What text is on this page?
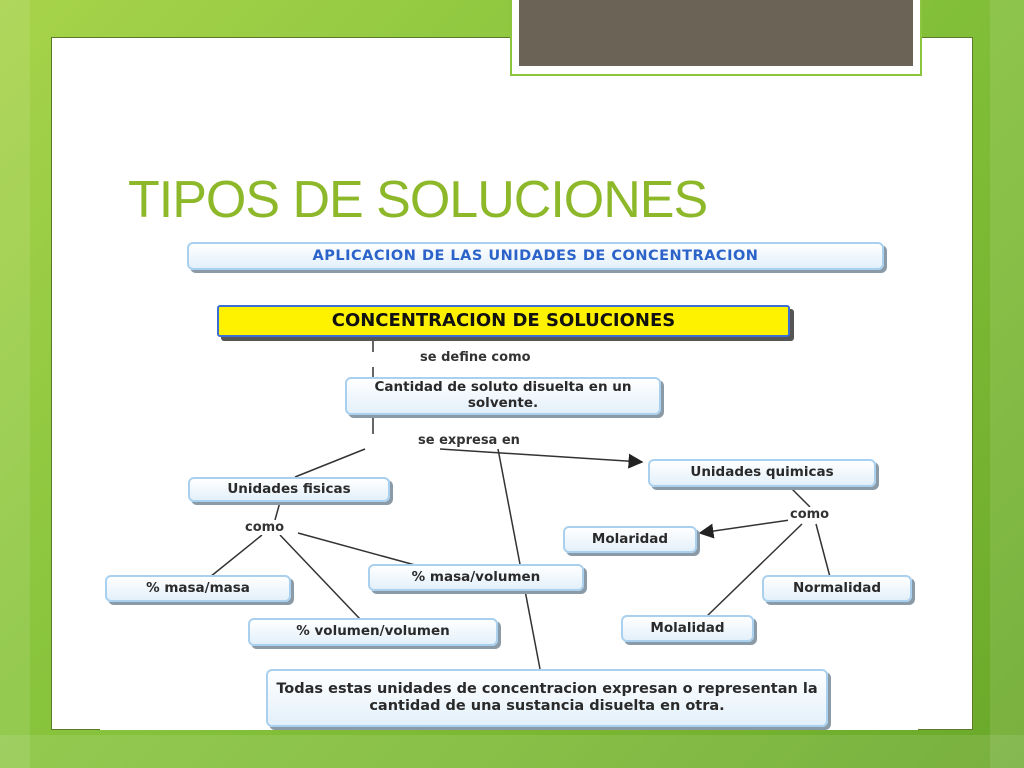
TIPOS DE SOLUCIONES
APLICACION DE LAS UNIDADES DE CONCENTRACION
CONCENTRACION DE SOLUCIONES
se define como
Cantidad de soluto disuelta en un solvente.
se expresa en
Unidades fisicas
Unidades quimicas
como
como
% masa/masa
% masa/volumen
% volumen/volumen
Molaridad
Normalidad
Molalidad
Todas estas unidades de concentracion expresan o representan la cantidad de una sustancia disuelta en otra.
